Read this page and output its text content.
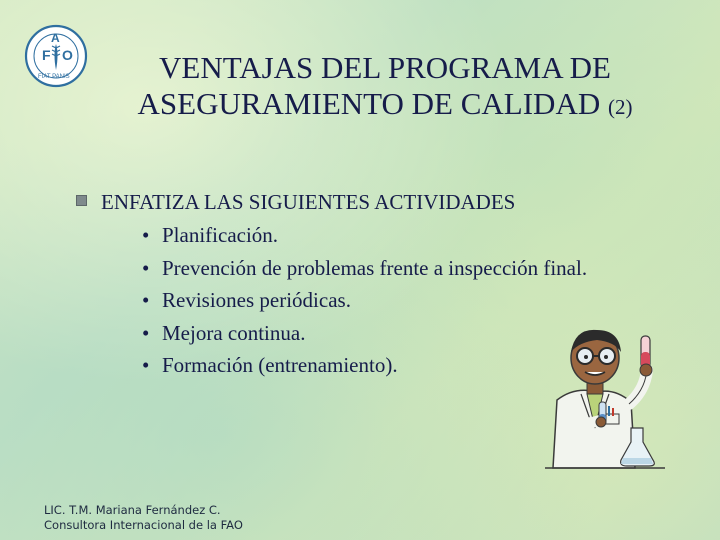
F
A
O
FIAT PANIS	VENTAJAS DEL PROGRAMA DE
ASEGURAMIENTO DE CALIDAD (2)
ENFATIZA LAS SIGUIENTES ACTIVIDADES
• Planificación.
• Prevención de problemas frente a inspección final.
• Revisiones periódicas.
• Mejora continua.
• Formación (entrenamiento).
LIC. T.M. Mariana Fernández C.
Consultora Internacional de la FAO
